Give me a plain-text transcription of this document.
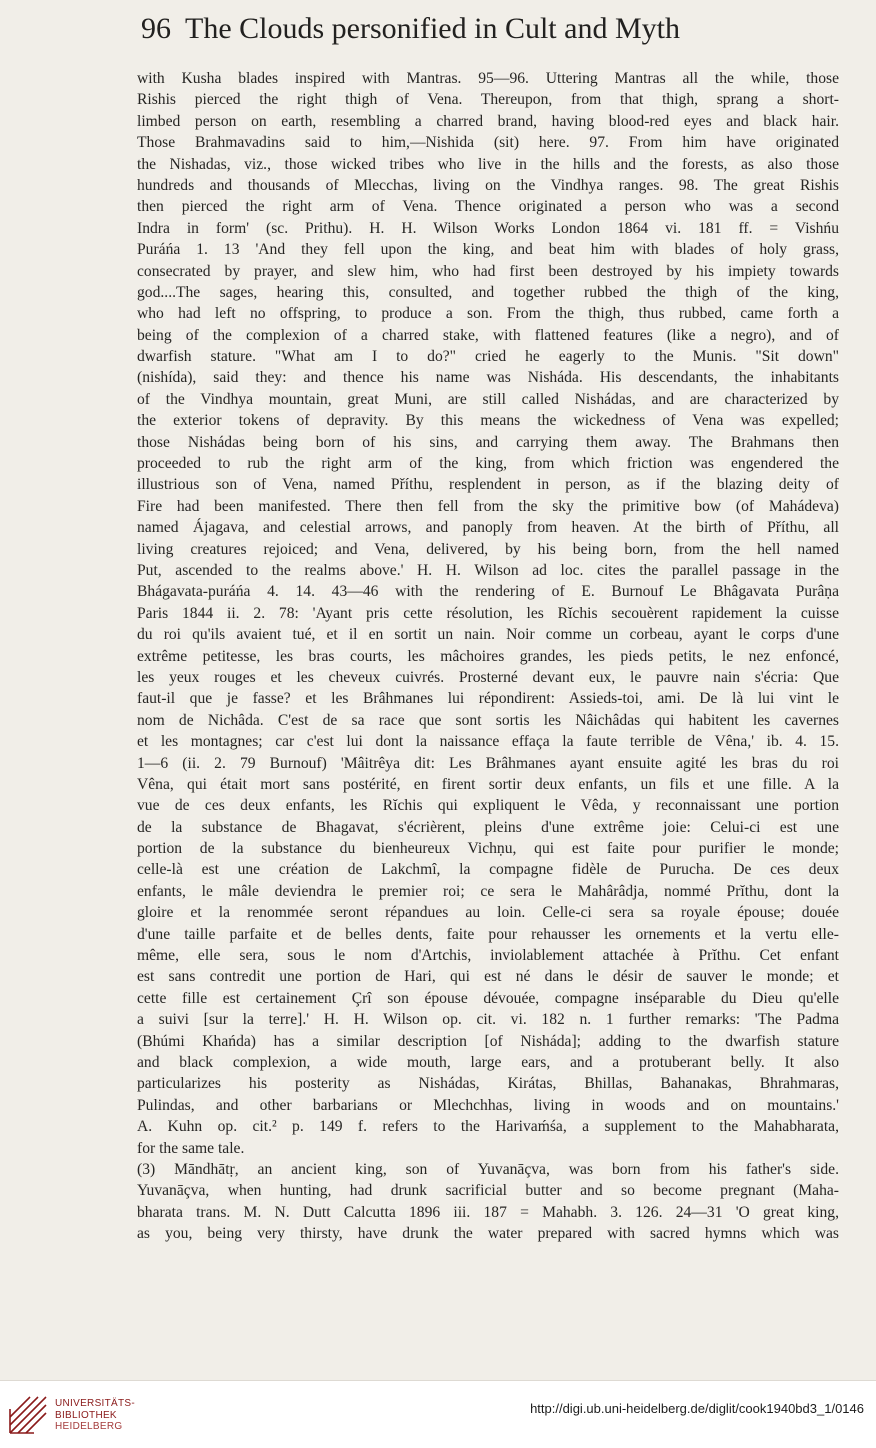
96 The Clouds personified in Cult and Myth
with Kusha blades inspired with Mantras. 95—96. Uttering Mantras all the while, those
Rishis pierced the right thigh of Vena. Thereupon, from that thigh, sprang a short-
limbed person on earth, resembling a charred brand, having blood-red eyes and black hair.
Those Brahmavadins said to him,—Nishida (sit) here. 97. From him have originated
the Nishadas, viz., those wicked tribes who live in the hills and the forests, as also those
hundreds and thousands of Mlecchas, living on the Vindhya ranges. 98. The great Rishis
then pierced the right arm of Vena. Thence originated a person who was a second
Indra in form' (sc. Prithu). H. H. Wilson Works London 1864 vi. 181 ff. = Vishńu
Puráńa 1. 13 'And they fell upon the king, and beat him with blades of holy grass,
consecrated by prayer, and slew him, who had first been destroyed by his impiety towards
god....The sages, hearing this, consulted, and together rubbed the thigh of the king,
who had left no offspring, to produce a son. From the thigh, thus rubbed, came forth a
being of the complexion of a charred stake, with flattened features (like a negro), and of
dwarfish stature. "What am I to do?" cried he eagerly to the Munis. "Sit down"
(nishída), said they: and thence his name was Nisháda. His descendants, the inhabitants
of the Vindhya mountain, great Muni, are still called Nishádas, and are characterized by
the exterior tokens of depravity. By this means the wickedness of Vena was expelled;
those Nishádas being born of his sins, and carrying them away. The Brahmans then
proceeded to rub the right arm of the king, from which friction was engendered the
illustrious son of Vena, named Příthu, resplendent in person, as if the blazing deity of
Fire had been manifested. There then fell from the sky the primitive bow (of Mahádeva)
named Ájagava, and celestial arrows, and panoply from heaven. At the birth of Příthu, all
living creatures rejoiced; and Vena, delivered, by his being born, from the hell named
Put, ascended to the realms above.' H. H. Wilson ad loc. cites the parallel passage in the
Bhágavata-puráńa 4. 14. 43—46 with the rendering of E. Burnouf Le Bhâgavata Purâṇa
Paris 1844 ii. 2. 78: 'Ayant pris cette résolution, les Rĭchis secouèrent rapidement la cuisse
du roi qu'ils avaient tué, et il en sortit un nain. Noir comme un corbeau, ayant le corps d'une
extrême petitesse, les bras courts, les mâchoires grandes, les pieds petits, le nez enfoncé,
les yeux rouges et les cheveux cuivrés. Prosterné devant eux, le pauvre nain s'écria: Que
faut-il que je fasse? et les Brâhmanes lui répondirent: Assieds-toi, ami. De là lui vint le
nom de Nichâda. C'est de sa race que sont sortis les Nâichâdas qui habitent les cavernes
et les montagnes; car c'est lui dont la naissance effaça la faute terrible de Vêna,' ib. 4. 15.
1—6 (ii. 2. 79 Burnouf) 'Mâitrêya dit: Les Brâhmanes ayant ensuite agité les bras du roi
Vêna, qui était mort sans postérité, en firent sortir deux enfants, un fils et une fille. A la
vue de ces deux enfants, les Rĭchis qui expliquent le Vêda, y reconnaissant une portion
de la substance de Bhagavat, s'écrièrent, pleins d'une extrême joie: Celui-ci est une
portion de la substance du bienheureux Vichṇu, qui est faite pour purifier le monde;
celle-là est une création de Lakchmî, la compagne fidèle de Purucha. De ces deux
enfants, le mâle deviendra le premier roi; ce sera le Mahârâdja, nommé Prĭthu, dont la
gloire et la renommée seront répandues au loin. Celle-ci sera sa royale épouse; douée
d'une taille parfaite et de belles dents, faite pour rehausser les ornements et la vertu elle-
même, elle sera, sous le nom d'Artchis, inviolablement attachée à Prĭthu. Cet enfant
est sans contredit une portion de Hari, qui est né dans le désir de sauver le monde; et
cette fille est certainement Çrî son épouse dévouée, compagne inséparable du Dieu qu'elle
a suivi [sur la terre].' H. H. Wilson op. cit. vi. 182 n. 1 further remarks: 'The Padma
(Bhúmi Khańda) has a similar description [of Nisháda]; adding to the dwarfish stature
and black complexion, a wide mouth, large ears, and a protuberant belly. It also
particularizes his posterity as Nishádas, Kirátas, Bhillas, Bahanakas, Bhrahmaras,
Pulindas, and other barbarians or Mlechchhas, living in woods and on mountains.'
A. Kuhn op. cit.² p. 149 f. refers to the Harivaḿśa, a supplement to the Mahabharata,
for the same tale.
(3) Māndhātṛ, an ancient king, son of Yuvanāçva, was born from his father's side.
Yuvanāçva, when hunting, had drunk sacrificial butter and so become pregnant (Maha-
bharata trans. M. N. Dutt Calcutta 1896 iii. 187 = Mahabh. 3. 126. 24—31 'O great king,
as you, being very thirsty, have drunk the water prepared with sacred hymns which was
UNIVERSITÄTS-
BIBLIOTHEK
HEIDELBERG
http://digi.ub.uni-heidelberg.de/diglit/cook1940bd3_1/0146
